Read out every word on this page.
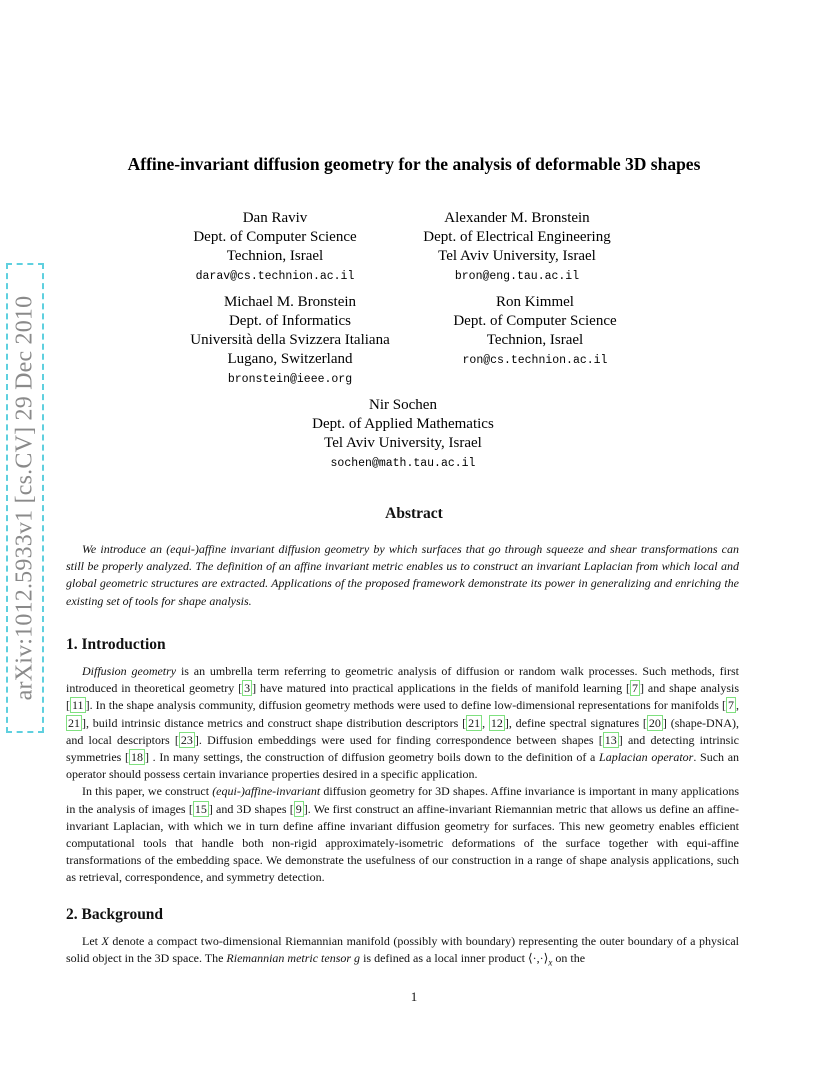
arXiv:1012.5933v1 [cs.CV] 29 Dec 2010
Affine-invariant diffusion geometry for the analysis of deformable 3D shapes
Dan Raviv
Dept. of Computer Science
Technion, Israel
darav@cs.technion.ac.il
Alexander M. Bronstein
Dept. of Electrical Engineering
Tel Aviv University, Israel
bron@eng.tau.ac.il
Michael M. Bronstein
Dept. of Informatics
Università della Svizzera Italiana
Lugano, Switzerland
bronstein@ieee.org
Ron Kimmel
Dept. of Computer Science
Technion, Israel
ron@cs.technion.ac.il
Nir Sochen
Dept. of Applied Mathematics
Tel Aviv University, Israel
sochen@math.tau.ac.il
Abstract

We introduce an (equi-)affine invariant diffusion geometry by which surfaces that go through squeeze and shear transformations can still be properly analyzed. The definition of an affine invariant metric enables us to construct an invariant Laplacian from which local and global geometric structures are extracted. Applications of the proposed framework demonstrate its power in generalizing and enriching the existing set of tools for shape analysis.

1. Introduction

Diffusion geometry is an umbrella term referring to geometric analysis of diffusion or random walk processes. Such methods, first introduced in theoretical geometry [ 3 ] have matured into practical applications in the fields of manifold learning [ 7 ] and shape analysis [ 11 ]. In the shape analysis community, diffusion geometry methods were used to define low-dimensional representations for manifolds [ 7 , 21 ], build intrinsic distance metrics and construct shape distribution descriptors [ 21 , 12 ], define spectral signatures [ 20 ] (shape-DNA), and local descriptors [ 23 ]. Diffusion embeddings were used for finding correspondence between shapes [ 13 ] and detecting intrinsic symmetries [ 18 ] . In many settings, the construction of diffusion geometry boils down to the definition of a Laplacian operator. Such an operator should possess certain invariance properties desired in a specific application.

In this paper, we construct (equi-)affine-invariant diffusion geometry for 3D shapes. Affine invariance is important in many applications in the analysis of images [ 15 ] and 3D shapes [ 9 ]. We first construct an affine-invariant Riemannian metric that allows us define an affine-invariant Laplacian, with which we in turn define affine invariant diffusion geometry for surfaces. This new geometry enables efficient computational tools that handle both non-rigid approximately-isometric deformations of the surface together with equi-affine transformations of the embedding space. We demonstrate the usefulness of our construction in a range of shape analysis applications, such as retrieval, correspondence, and symmetry detection.

2. Background

Let X denote a compact two-dimensional Riemannian manifold (possibly with boundary) representing the outer boundary of a physical solid object in the 3D space. The Riemannian metric tensor g is defined as a local inner product $⟨\cdot,\cdot⟩_x$ on the

1
